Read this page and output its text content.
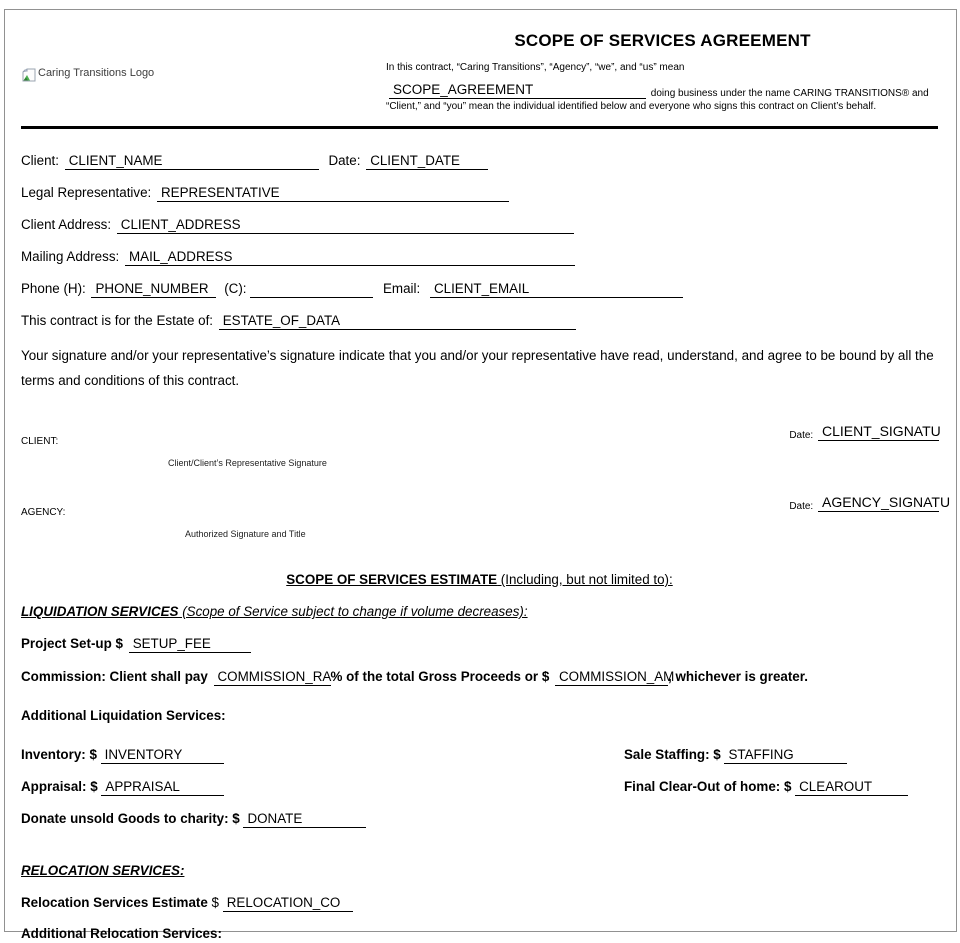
SCOPE OF SERVICES AGREEMENT
Caring Transitions Logo	In this contract, “Caring Transitions”, “Agency”, “we”, and “us” mean
SCOPE_AGREEMENT	doing business under the name CARING TRANSITIONS® and
“Client,” and “you” mean the individual identified below and everyone who signs this contract on Client’s behalf.
Client: CLIENT_NAME	Date: CLIENT_DATE
Legal Representative: REPRESENTATIVE
Client Address: CLIENT_ADDRESS
Mailing Address: MAIL_ADDRESS
Phone (H): PHONE_NUMBER (C):	Email: CLIENT_EMAIL
This contract is for the Estate of: ESTATE_OF_DATA
Your signature and/or your representative’s signature indicate that you and/or your representative have read, understand, and agree to be bound by all the terms and conditions of this contract.
Date: CLIENT_SIGNATU
CLIENT:
Client/Client’s Representative Signature
Date: AGENCY_SIGNATU
AGENCY:
Authorized Signature and Title
SCOPE OF SERVICES ESTIMATE (Including, but not limited to):
LIQUIDATION SERVICES (Scope of Service subject to change if volume decreases):
Project Set-up $ SETUP_FEE
Commission: Client shall pay COMMISSION_RA% of the total Gross Proceeds or $ COMMISSION_AM, whichever is greater.
Additional Liquidation Services:
Inventory: $ INVENTORY	Sale Staffing: $ STAFFING
Appraisal: $ APPRAISAL	Final Clear-Out of home: $ CLEAROUT
Donate unsold Goods to charity: $ DONATE
RELOCATION SERVICES:
Relocation Services Estimate $ RELOCATION_CO
Additional Relocation Services:
